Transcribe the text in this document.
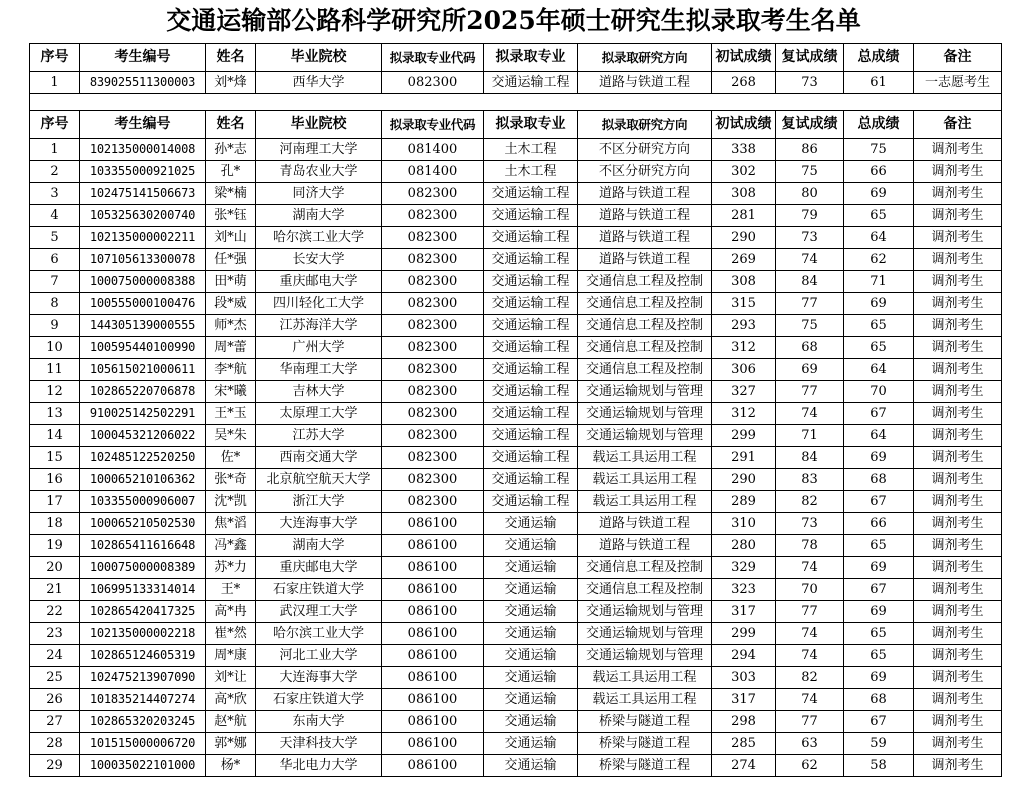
交通运输部公路科学研究所2025年硕士研究生拟录取考生名单
序号	考生编号	姓名	毕业院校	拟录取专业代码	拟录取专业	拟录取研究方向	初试成绩	复试成绩	总成绩	备注
1	839025511300003	刘*烽	西华大学	082300	交通运输工程	道路与铁道工程	268	73	61	一志愿考生

序号	考生编号	姓名	毕业院校	拟录取专业代码	拟录取专业	拟录取研究方向	初试成绩	复试成绩	总成绩	备注
1	102135000014008	孙*志	河南理工大学	081400	土木工程	不区分研究方向	338	86	75	调剂考生
2	103355000921025	孔*	青岛农业大学	081400	土木工程	不区分研究方向	302	75	66	调剂考生
3	102475141506673	梁*楠	同济大学	082300	交通运输工程	道路与铁道工程	308	80	69	调剂考生
4	105325630200740	张*钰	湖南大学	082300	交通运输工程	道路与铁道工程	281	79	65	调剂考生
5	102135000002211	刘*山	哈尔滨工业大学	082300	交通运输工程	道路与铁道工程	290	73	64	调剂考生
6	107105613300078	任*强	长安大学	082300	交通运输工程	道路与铁道工程	269	74	62	调剂考生
7	100075000008388	田*萌	重庆邮电大学	082300	交通运输工程	交通信息工程及控制	308	84	71	调剂考生
8	100555000100476	段*威	四川轻化工大学	082300	交通运输工程	交通信息工程及控制	315	77	69	调剂考生
9	144305139000555	师*杰	江苏海洋大学	082300	交通运输工程	交通信息工程及控制	293	75	65	调剂考生
10	100595440100990	周*蕾	广州大学	082300	交通运输工程	交通信息工程及控制	312	68	65	调剂考生
11	105615021000611	李*航	华南理工大学	082300	交通运输工程	交通信息工程及控制	306	69	64	调剂考生
12	102865220706878	宋*曦	吉林大学	082300	交通运输工程	交通运输规划与管理	327	77	70	调剂考生
13	910025142502291	王*玉	太原理工大学	082300	交通运输工程	交通运输规划与管理	312	74	67	调剂考生
14	100045321206022	吴*朱	江苏大学	082300	交通运输工程	交通运输规划与管理	299	71	64	调剂考生
15	102485122520250	佐*	西南交通大学	082300	交通运输工程	载运工具运用工程	291	84	69	调剂考生
16	100065210106362	张*奇	北京航空航天大学	082300	交通运输工程	载运工具运用工程	290	83	68	调剂考生
17	103355000906007	沈*凯	浙江大学	082300	交通运输工程	载运工具运用工程	289	82	67	调剂考生
18	100065210502530	焦*滔	大连海事大学	086100	交通运输	道路与铁道工程	310	73	66	调剂考生
19	102865411616648	冯*鑫	湖南大学	086100	交通运输	道路与铁道工程	280	78	65	调剂考生
20	100075000008389	苏*力	重庆邮电大学	086100	交通运输	交通信息工程及控制	329	74	69	调剂考生
21	106995133314014	王*	石家庄铁道大学	086100	交通运输	交通信息工程及控制	323	70	67	调剂考生
22	102865420417325	高*冉	武汉理工大学	086100	交通运输	交通运输规划与管理	317	77	69	调剂考生
23	102135000002218	崔*然	哈尔滨工业大学	086100	交通运输	交通运输规划与管理	299	74	65	调剂考生
24	102865124605319	周*康	河北工业大学	086100	交通运输	交通运输规划与管理	294	74	65	调剂考生
25	102475213907090	刘*让	大连海事大学	086100	交通运输	载运工具运用工程	303	82	69	调剂考生
26	101835214407274	高*欣	石家庄铁道大学	086100	交通运输	载运工具运用工程	317	74	68	调剂考生
27	102865320203245	赵*航	东南大学	086100	交通运输	桥梁与隧道工程	298	77	67	调剂考生
28	101515000006720	郭*娜	天津科技大学	086100	交通运输	桥梁与隧道工程	285	63	59	调剂考生
29	100035022101000	杨*	华北电力大学	086100	交通运输	桥梁与隧道工程	274	62	58	调剂考生
